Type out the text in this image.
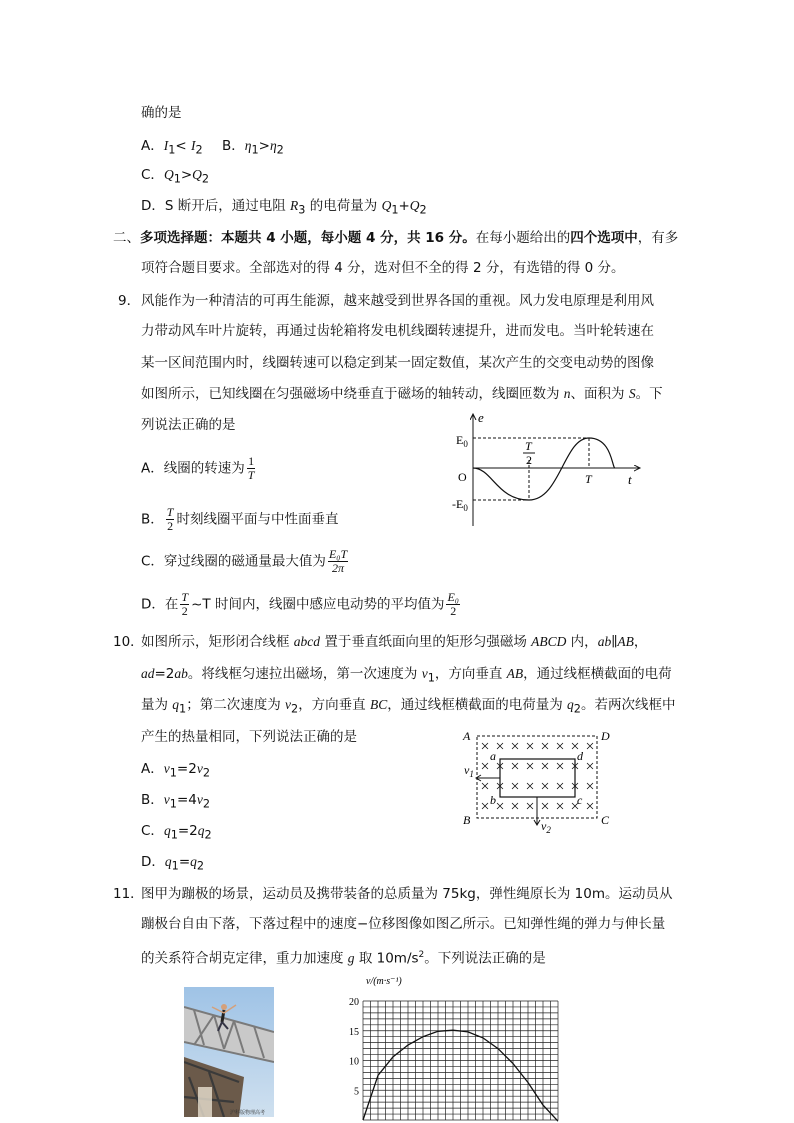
确的是
A．$I_1< I_2$ B．$\eta_1>\eta_2$
C．$Q_1>Q_2$
D．S 断开后，通过电阻 $R_3$ 的电荷量为 $Q_1+Q_2$
二、多项选择题：本题共 4 小题，每小题 4 分，共 16 分。在每小题给出的四个选项中，有多
项符合题目要求。全部选对的得 4 分，选对但不全的得 2 分，有选错的得 0 分。
9． 风能作为一种清洁的可再生能源，越来越受到世界各国的重视。风力发电原理是利用风
力带动风车叶片旋转，再通过齿轮箱将发电机线圈转速提升，进而发电。当叶轮转速在
某一区间范围内时，线圈转速可以稳定到某一固定数值，某次产生的交变电动势的图像
如图所示，已知线圈在匀强磁场中绕垂直于磁场的轴转动，线圈匝数为 n、面积为 S。下
列说法正确的是
A．线圈的转速为 $\frac{1}{T}$
B． $\frac{T}{2}$ 时刻线圈平面与中性面垂直
C．穿过线圈的磁通量最大值为 $\frac{\text{E₀T}}{2\pi}$
D．在 $\frac{T}{2}$ ~T 时间内，线圈中感应电动势的平均值为 $\frac{\text{E₀}}{2}$
e
$E_0$
O
$-E_0$
T
2
T	t
10．
如图所示，矩形闭合线框 abcd 置于垂直纸面向里的矩形匀强磁场 ABCD 内，ab∥AB，
ad=2ab。将线框匀速拉出磁场，第一次速度为 $v_1$，方向垂直 AB，通过线框横截面的电荷
量为 $q_1$；第二次速度为 $v_2$，方向垂直 BC，通过线框横截面的电荷量为 $q_2$。若两次线框中
产生的热量相同，下列说法正确的是
A．$v_1=2v_2$
B．$v_1=4v_2$
C．$q_1=2q_2$
D．$q_1=q_2$
A
B	C
D
a
b	c
d
$v_1$
$v_2$
11．
图甲为蹦极的场景，运动员及携带装备的总质量为 75kg，弹性绳原长为 10m。运动员从
蹦极台自由下落，下落过程中的速度−位移图像如图乙所示。已知弹性绳的弹力与伸长量
的关系符合胡克定律，重力加速度 g 取 $10m/s^2$。下列说法正确的是
沪科版物理高考
v/(m·s⁻¹)
5
10
15
20
